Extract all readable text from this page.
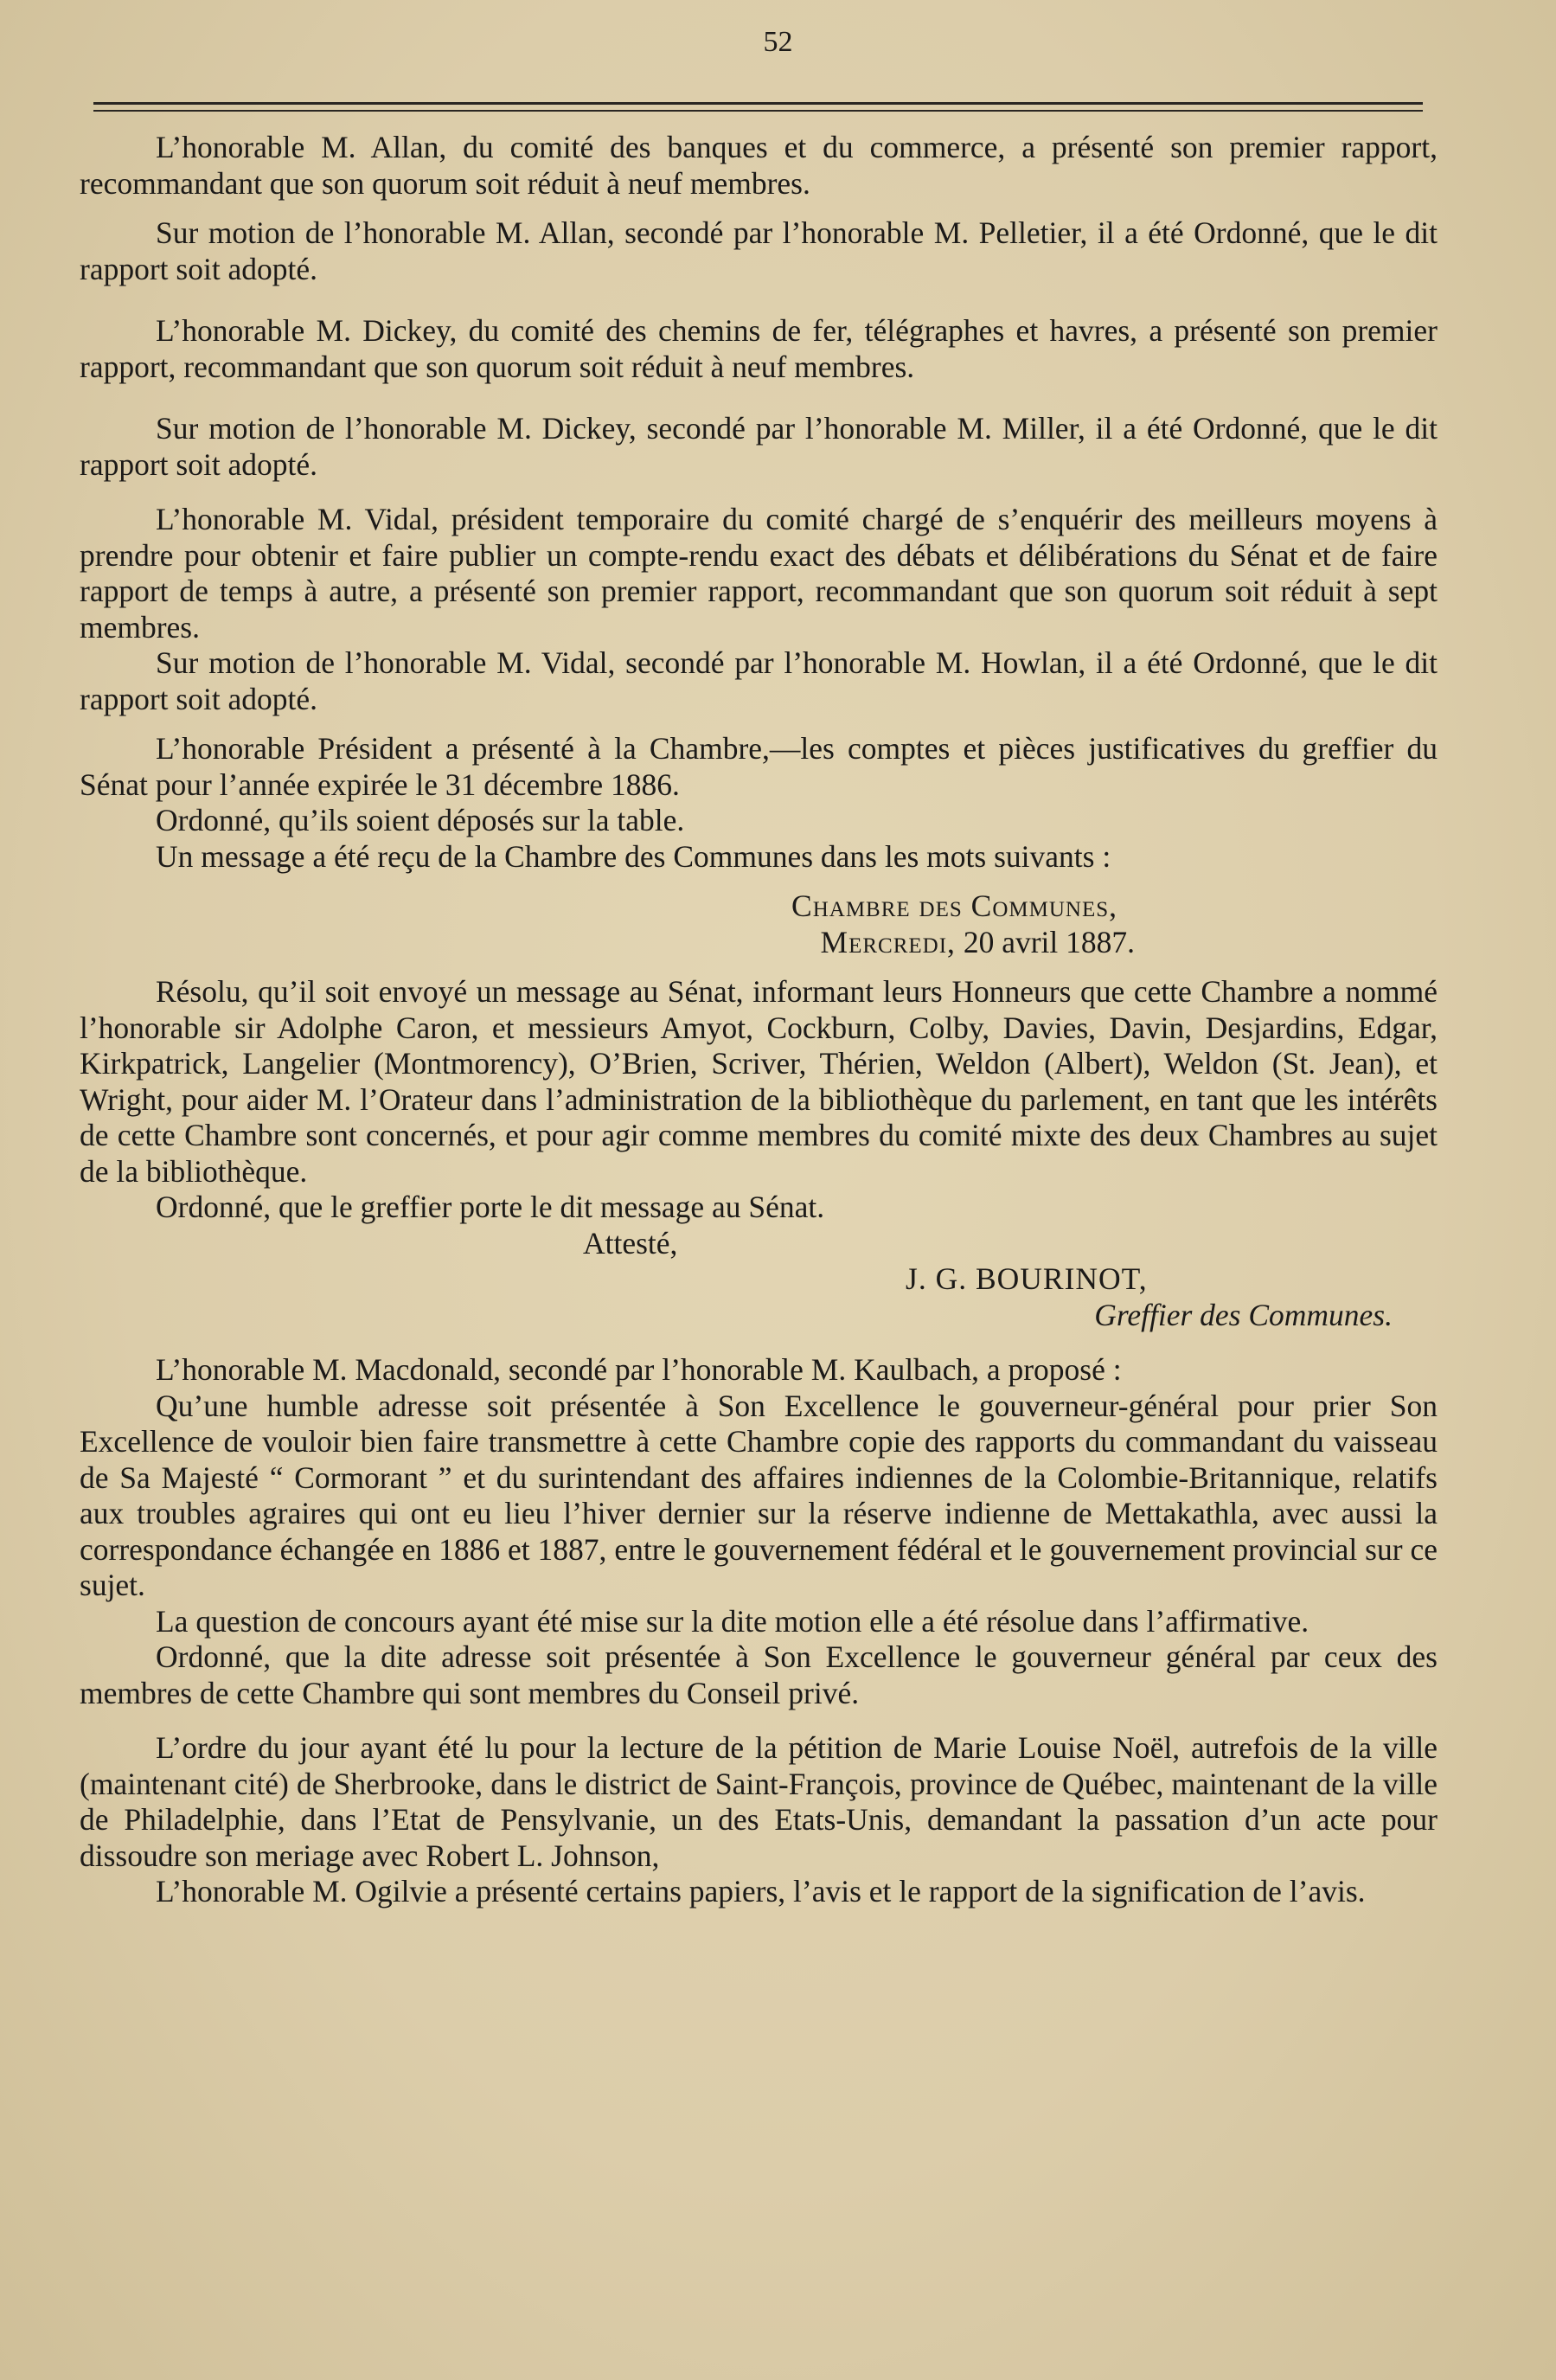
52

L’honorable M. Allan, du comité des banques et du commerce, a présenté son premier rapport, recommandant que son quorum soit réduit à neuf membres.

Sur motion de l’honorable M. Allan, secondé par l’honorable M. Pelletier, il a été Ordonné, que le dit rapport soit adopté.

L’honorable M. Dickey, du comité des chemins de fer, télégraphes et havres, a présenté son premier rapport, recommandant que son quorum soit réduit à neuf membres.

Sur motion de l’honorable M. Dickey, secondé par l’honorable M. Miller, il a été Ordonné, que le dit rapport soit adopté.

L’honorable M. Vidal, président temporaire du comité chargé de s’enquérir des meilleurs moyens à prendre pour obtenir et faire publier un compte-rendu exact des débats et délibérations du Sénat et de faire rapport de temps à autre, a présenté son premier rapport, recommandant que son quorum soit réduit à sept membres.

Sur motion de l’honorable M. Vidal, secondé par l’honorable M. Howlan, il a été Ordonné, que le dit rapport soit adopté.

L’honorable Président a présenté à la Chambre,—les comptes et pièces justificatives du greffier du Sénat pour l’année expirée le 31 décembre 1886.

Ordonné, qu’ils soient déposés sur la table.

Un message a été reçu de la Chambre des Communes dans les mots suivants :

Chambre des Communes,

Mercredi, 20 avril 1887.

Résolu, qu’il soit envoyé un message au Sénat, informant leurs Honneurs que cette Chambre a nommé l’honorable sir Adolphe Caron, et messieurs Amyot, Cockburn, Colby, Davies, Davin, Desjardins, Edgar, Kirkpatrick, Langelier (Montmorency), O’Brien, Scriver, Thérien, Weldon (Albert), Weldon (St. Jean), et Wright, pour aider M. l’Orateur dans l’administration de la bibliothèque du parlement, en tant que les intérêts de cette Chambre sont concernés, et pour agir comme membres du comité mixte des deux Chambres au sujet de la bibliothèque.

Ordonné, que le greffier porte le dit message au Sénat.

Attesté,

J. G. BOURINOT,

Greffier des Communes.

L’honorable M. Macdonald, secondé par l’honorable M. Kaulbach, a proposé :

Qu’une humble adresse soit présentée à Son Excellence le gouverneur-général pour prier Son Excellence de vouloir bien faire transmettre à cette Chambre copie des rapports du commandant du vaisseau de Sa Majesté “ Cormorant ” et du surintendant des affaires indiennes de la Colombie-Britannique, relatifs aux troubles agraires qui ont eu lieu l’hiver dernier sur la réserve indienne de Mettakathla, avec aussi la correspondance échangée en 1886 et 1887, entre le gouvernement fédéral et le gouvernement provincial sur ce sujet.

La question de concours ayant été mise sur la dite motion elle a été résolue dans l’affirmative.

Ordonné, que la dite adresse soit présentée à Son Excellence le gouverneur général par ceux des membres de cette Chambre qui sont membres du Conseil privé.

L’ordre du jour ayant été lu pour la lecture de la pétition de Marie Louise Noël, autrefois de la ville (maintenant cité) de Sherbrooke, dans le district de Saint-François, province de Québec, maintenant de la ville de Philadelphie, dans l’Etat de Pensylvanie, un des Etats-Unis, demandant la passation d’un acte pour dissoudre son meriage avec Robert L. Johnson,

L’honorable M. Ogilvie a présenté certains papiers, l’avis et le rapport de la signification de l’avis.
